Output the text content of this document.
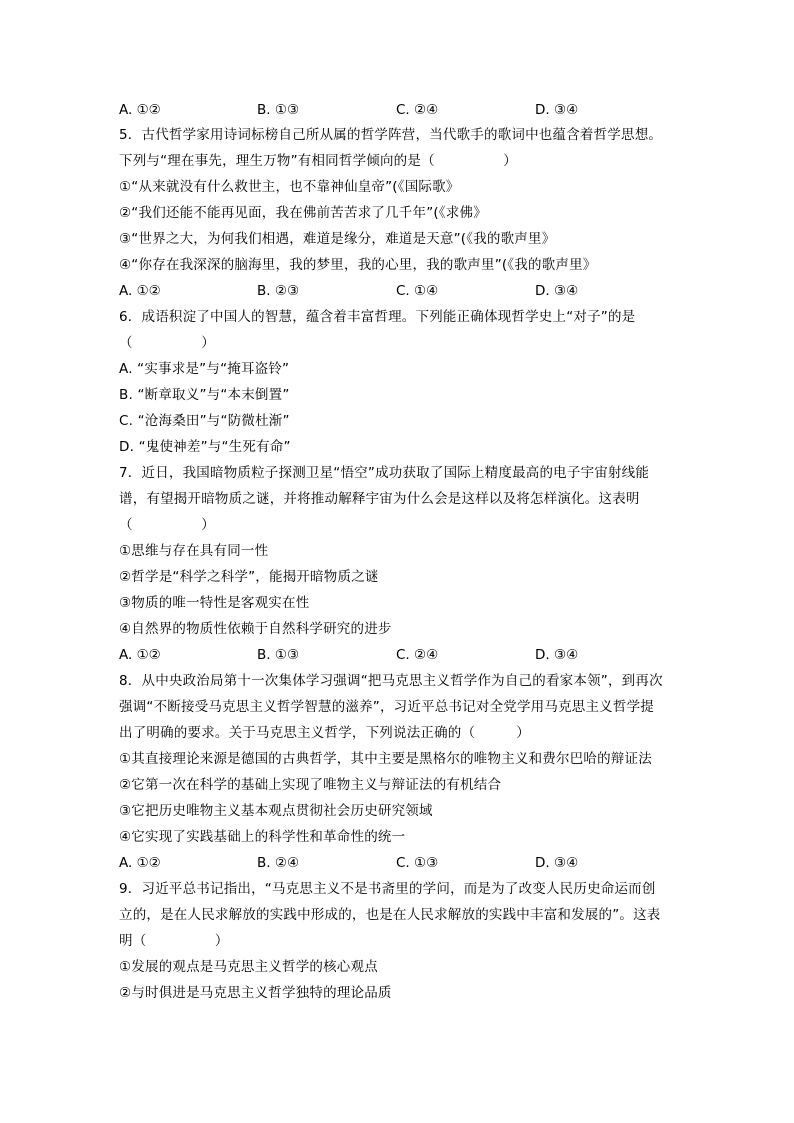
A. ①②	B. ①③	C. ②④	D. ③④
5．古代哲学家用诗词标榜自己所从属的哲学阵营，当代歌手的歌词中也蕴含着哲学思想。
下列与“理在事先，理生万物”有相同哲学倾向的是（　　　　　）
①“从来就没有什么救世主，也不靠神仙皇帝”(《国际歌》
②“我们还能不能再见面，我在佛前苦苦求了几千年”(《求佛》
③“世界之大，为何我们相遇，难道是缘分，难道是天意”(《我的歌声里》
④“你存在我深深的脑海里，我的梦里，我的心里，我的歌声里”(《我的歌声里》
A. ①②	B. ②③	C. ①④	D. ③④
6．成语积淀了中国人的智慧，蕴含着丰富哲理。下列能正确体现哲学史上“对子”的是
（　　　　　）
A. “实事求是”与“掩耳盗铃”
B. “断章取义”与“本末倒置”
C. “沧海桑田”与“防微杜渐”
D. “鬼使神差”与“生死有命”
7．近日，我国暗物质粒子探测卫星“悟空”成功获取了国际上精度最高的电子宇宙射线能
谱，有望揭开暗物质之谜，并将推动解释宇宙为什么会是这样以及将怎样演化。这表明
（　　　　　）
①思维与存在具有同一性
②哲学是“科学之科学”，能揭开暗物质之谜
③物质的唯一特性是客观实在性
④自然界的物质性依赖于自然科学研究的进步
A. ①②	B. ①③	C. ②④	D. ③④
8．从中央政治局第十一次集体学习强调“把马克思主义哲学作为自己的看家本领”，到再次
强调“不断接受马克思主义哲学智慧的滋养”，习近平总书记对全党学用马克思主义哲学提
出了明确的要求。关于马克思主义哲学，下列说法正确的（　　　）
①其直接理论来源是德国的古典哲学，其中主要是黑格尔的唯物主义和费尔巴哈的辩证法
②它第一次在科学的基础上实现了唯物主义与辩证法的有机结合
③它把历史唯物主义基本观点贯彻社会历史研究领域
④它实现了实践基础上的科学性和革命性的统一
A. ①②	B. ②④	C. ①③	D. ③④
9．习近平总书记指出，“马克思主义不是书斋里的学问，而是为了改变人民历史命运而创
立的，是在人民求解放的实践中形成的，也是在人民求解放的实践中丰富和发展的”。这表
明（　　　　　）
①发展的观点是马克思主义哲学的核心观点
②与时俱进是马克思主义哲学独特的理论品质
